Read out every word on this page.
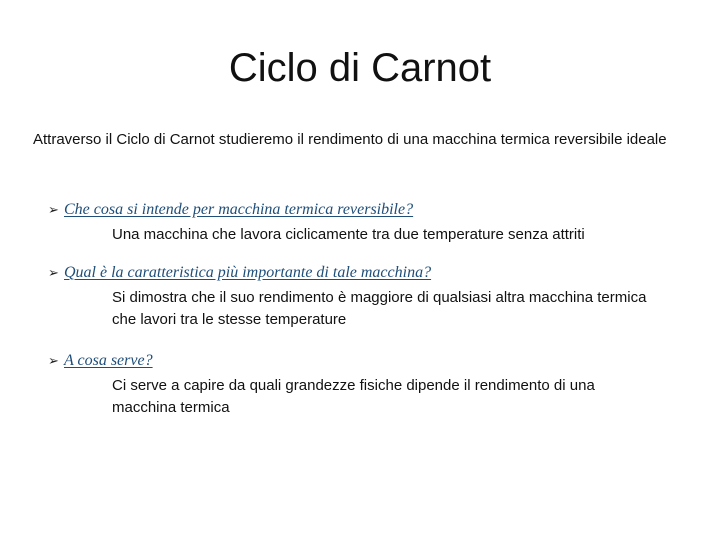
Ciclo di Carnot

Attraverso il Ciclo di Carnot studieremo il rendimento di una macchina termica reversibile ideale

➢ Che cosa si intende per macchina termica reversibile?
Una macchina che lavora ciclicamente tra due temperature senza attriti
➢ Qual è la caratteristica più importante di tale macchina?
Si dimostra che il suo rendimento è maggiore di qualsiasi altra macchina termica che lavori tra le stesse temperature
➢ A cosa serve?
Ci serve a capire da quali grandezze fisiche dipende il rendimento di una macchina termica
